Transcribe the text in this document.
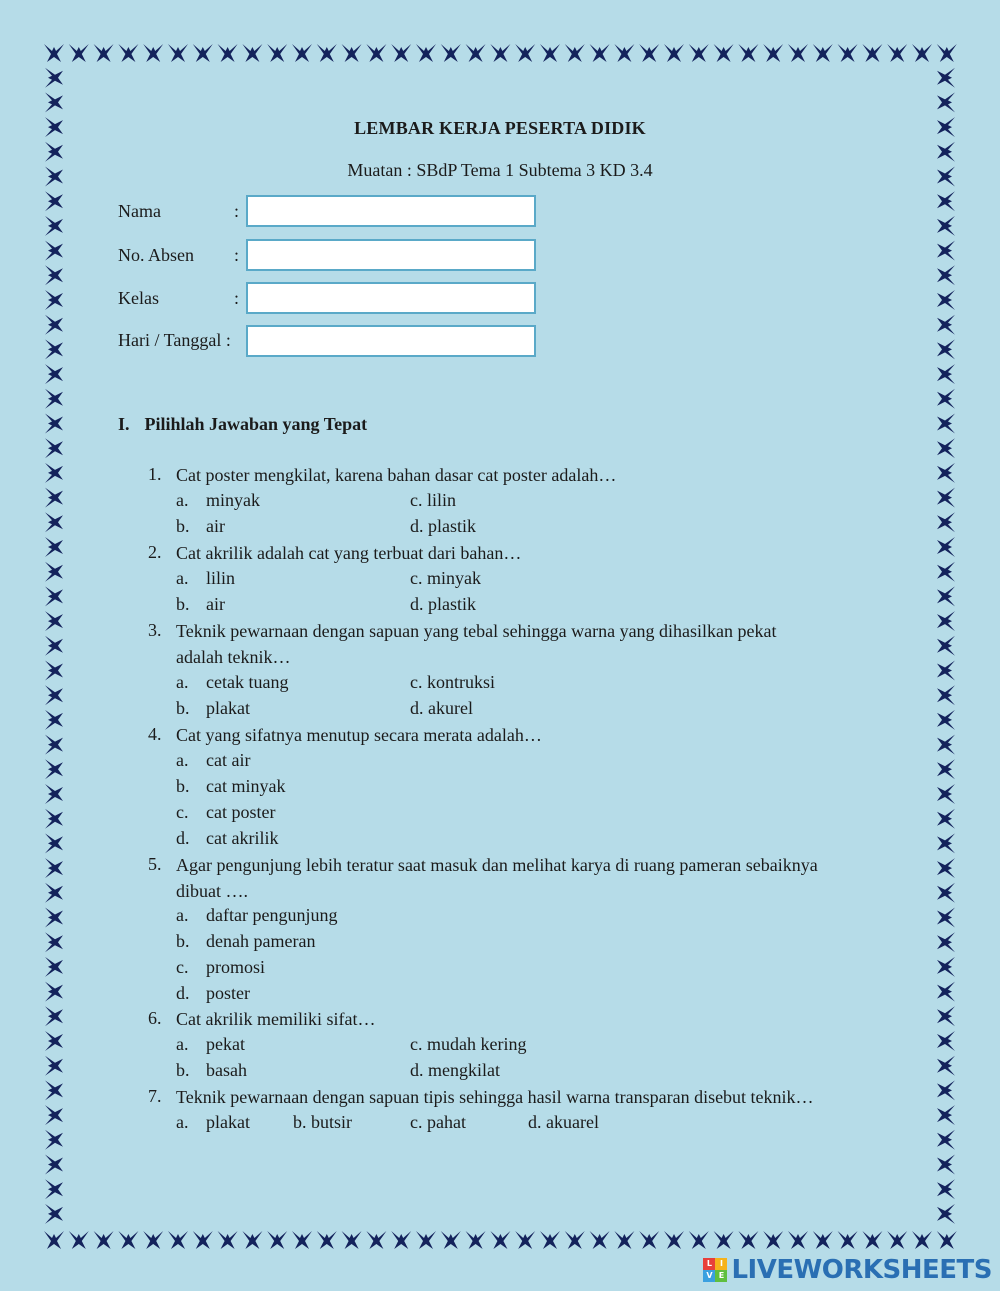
LEMBAR KERJA PESERTA DIDIK
Muatan : SBdP Tema 1 Subtema 3 KD 3.4
Nama	:
No. Absen :
Kelas	:
Hari / Tanggal :
I. Pilihlah Jawaban yang Tepat
1. Cat poster mengkilat, karena bahan dasar cat poster adalah…
a. minyak	c. lilin
b. air	d. plastik
2. Cat akrilik adalah cat yang terbuat dari bahan…
a. lilin	c. minyak
b. air	d. plastik
3. Teknik pewarnaan dengan sapuan yang tebal sehingga warna yang dihasilkan pekat
adalah teknik…
a. cetak tuang	c. kontruksi
b. plakat	d. akurel
4. Cat yang sifatnya menutup secara merata adalah…
a. cat air
b. cat minyak
c. cat poster
d. cat akrilik
5. Agar pengunjung lebih teratur saat masuk dan melihat karya di ruang pameran sebaiknya
dibuat ….
a. daftar pengunjung
b. denah pameran
c. promosi
d. poster
6. Cat akrilik memiliki sifat…
a. pekat	c. mudah kering
b. basah	d. mengkilat
7. Teknik pewarnaan dengan sapuan tipis sehingga hasil warna transparan disebut teknik…
a. plakat b. butsir	c. pahat	d. akuarel
L I
V E LIVEWORKSHEETS
